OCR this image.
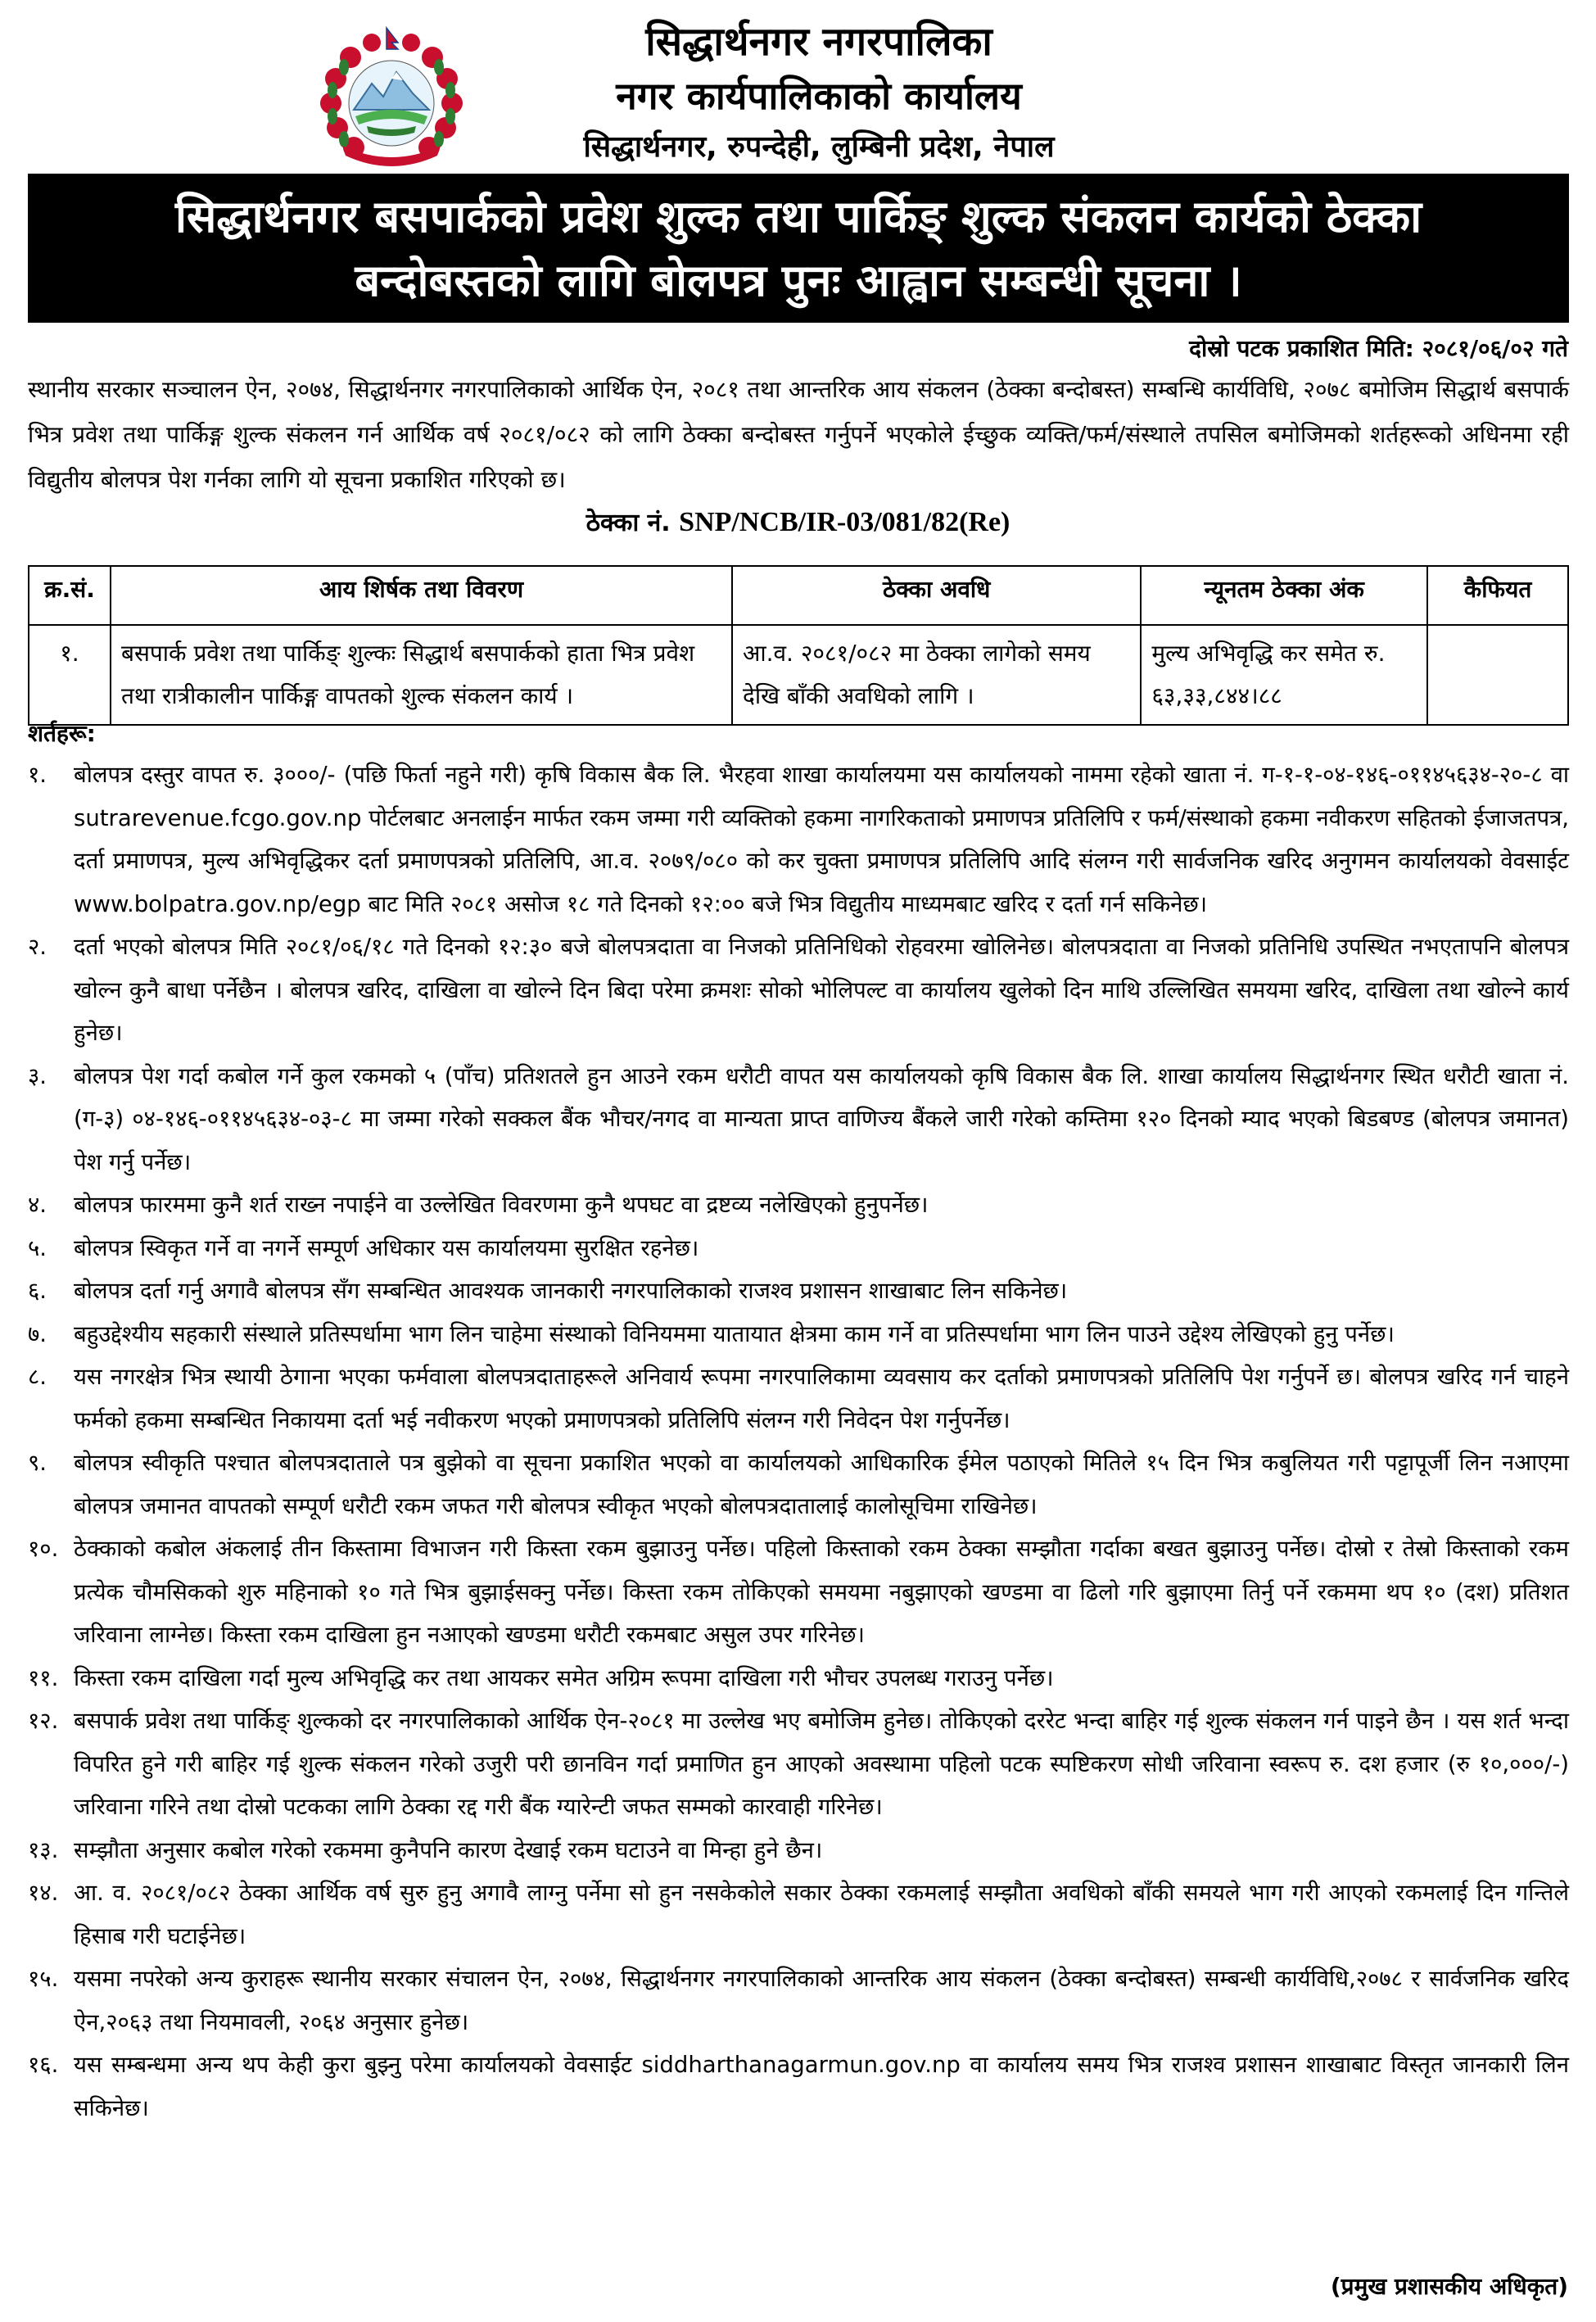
सिद्धार्थनगर नगरपालिका
नगर कार्यपालिकाको कार्यालय
सिद्धार्थनगर, रुपन्देही, लुम्बिनी प्रदेश, नेपाल
सिद्धार्थनगर बसपार्कको प्रवेश शुल्क तथा पार्किङ् शुल्क संकलन कार्यको ठेक्का
बन्दोबस्तको लागि बोलपत्र पुनः आह्वान सम्बन्धी सूचना ।
दोस्रो पटक प्रकाशित मिति: २०८१/०६/०२ गते
स्थानीय सरकार सञ्चालन ऐन, २०७४, सिद्धार्थनगर नगरपालिकाको आर्थिक ऐन, २०८१ तथा आन्तरिक आय संकलन (ठेक्का बन्दोबस्त) सम्बन्धि कार्यविधि, २०७८ बमोजिम सिद्धार्थ बसपार्क भित्र प्रवेश तथा पार्किङ्ग शुल्क संकलन गर्न आर्थिक वर्ष २०८१/०८२ को लागि ठेक्का बन्दोबस्त गर्नुपर्ने भएकोले ईच्छुक व्यक्ति/फर्म/संस्थाले तपसिल बमोजिमको शर्तहरूको अधिनमा रही विद्युतीय बोलपत्र पेश गर्नका लागि यो सूचना प्रकाशित गरिएको छ।
ठेक्का नं. SNP/NCB/IR-03/081/82(Re)
क्र.सं.	आय शिर्षक तथा विवरण	ठेक्का अवधि	न्यूनतम ठेक्का अंक	कैफियत
१.	बसपार्क प्रवेश तथा पार्किङ् शुल्कः सिद्धार्थ बसपार्कको हाता भित्र प्रवेश तथा रात्रीकालीन पार्किङ्ग वापतको शुल्क संकलन कार्य ।	आ.व. २०८१/०८२ मा ठेक्का लागेको समय देखि बाँकी अवधिको लागि ।	मुल्य अभिवृद्धि कर समेत रु. ६३,३३,८४४।८८	
शर्तहरू:
१. बोलपत्र दस्तुर वापत रु. ३०००/- (पछि फिर्ता नहुने गरी) कृषि विकास बैक लि. भैरहवा शाखा कार्यालयमा यस कार्यालयको नाममा रहेको खाता नं. ग-१-१-०४-१४६-०११४५६३४-२०-८ वा sutrarevenue.fcgo.gov.np पोर्टलबाट अनलाईन मार्फत रकम जम्मा गरी व्यक्तिको हकमा नागरिकताको प्रमाणपत्र प्रतिलिपि र फर्म/संस्थाको हकमा नवीकरण सहितको ईजाजतपत्र, दर्ता प्रमाणपत्र, मुल्य अभिवृद्धिकर दर्ता प्रमाणपत्रको प्रतिलिपि, आ.व. २०७९/०८० को कर चुक्ता प्रमाणपत्र प्रतिलिपि आदि संलग्न गरी सार्वजनिक खरिद अनुगमन कार्यालयको वेवसाईट www.bolpatra.gov.np/egp बाट मिति २०८१ असोज १८ गते दिनको १२:०० बजे भित्र विद्युतीय माध्यमबाट खरिद र दर्ता गर्न सकिनेछ।
२. दर्ता भएको बोलपत्र मिति २०८१/०६/१८ गते दिनको १२:३० बजे बोलपत्रदाता वा निजको प्रतिनिधिको रोहवरमा खोलिनेछ। बोलपत्रदाता वा निजको प्रतिनिधि उपस्थित नभएतापनि बोलपत्र खोल्न कुनै बाधा पर्नेछैन । बोलपत्र खरिद, दाखिला वा खोल्ने दिन बिदा परेमा क्रमशः सोको भोलिपल्ट वा कार्यालय खुलेको दिन माथि उल्लिखित समयमा खरिद, दाखिला तथा खोल्ने कार्य हुनेछ।
३. बोलपत्र पेश गर्दा कबोल गर्ने कुल रकमको ५ (पाँच) प्रतिशतले हुन आउने रकम धरौटी वापत यस कार्यालयको कृषि विकास बैक लि. शाखा कार्यालय सिद्धार्थनगर स्थित धरौटी खाता नं. (ग-३) ०४-१४६-०११४५६३४-०३-८ मा जम्मा गरेको सक्कल बैंक भौचर/नगद वा मान्यता प्राप्त वाणिज्य बैंकले जारी गरेको कम्तिमा १२० दिनको म्याद भएको बिडबण्ड (बोलपत्र जमानत) पेश गर्नु पर्नेछ।
४. बोलपत्र फारममा कुनै शर्त राख्न नपाईने वा उल्लेखित विवरणमा कुनै थपघट वा द्रष्टव्य नलेखिएको हुनुपर्नेछ।
५. बोलपत्र स्विकृत गर्ने वा नगर्ने सम्पूर्ण अधिकार यस कार्यालयमा सुरक्षित रहनेछ।
६. बोलपत्र दर्ता गर्नु अगावै बोलपत्र सँग सम्बन्धित आवश्यक जानकारी नगरपालिकाको राजश्व प्रशासन शाखाबाट लिन सकिनेछ।
७. बहुउद्देश्यीय सहकारी संस्थाले प्रतिस्पर्धामा भाग लिन चाहेमा संस्थाको विनियममा यातायात क्षेत्रमा काम गर्ने वा प्रतिस्पर्धामा भाग लिन पाउने उद्देश्य लेखिएको हुनु पर्नेछ।
८. यस नगरक्षेत्र भित्र स्थायी ठेगाना भएका फर्मवाला बोलपत्रदाताहरूले अनिवार्य रूपमा नगरपालिकामा व्यवसाय कर दर्ताको प्रमाणपत्रको प्रतिलिपि पेश गर्नुपर्ने छ। बोलपत्र खरिद गर्न चाहने फर्मको हकमा सम्बन्धित निकायमा दर्ता भई नवीकरण भएको प्रमाणपत्रको प्रतिलिपि संलग्न गरी निवेदन पेश गर्नुपर्नेछ।
९. बोलपत्र स्वीकृति पश्चात बोलपत्रदाताले पत्र बुझेको वा सूचना प्रकाशित भएको वा कार्यालयको आधिकारिक ईमेल पठाएको मितिले १५ दिन भित्र कबुलियत गरी पट्टापूर्जी लिन नआएमा बोलपत्र जमानत वापतको सम्पूर्ण धरौटी रकम जफत गरी बोलपत्र स्वीकृत भएको बोलपत्रदातालाई कालोसूचिमा राखिनेछ।
१०. ठेक्काको कबोल अंकलाई तीन किस्तामा विभाजन गरी किस्ता रकम बुझाउनु पर्नेछ। पहिलो किस्ताको रकम ठेक्का सम्झौता गर्दाका बखत बुझाउनु पर्नेछ। दोस्रो र तेस्रो किस्ताको रकम प्रत्येक चौमसिकको शुरु महिनाको १० गते भित्र बुझाईसक्नु पर्नेछ। किस्ता रकम तोकिएको समयमा नबुझाएको खण्डमा वा ढिलो गरि बुझाएमा तिर्नु पर्ने रकममा थप १० (दश) प्रतिशत जरिवाना लाग्नेछ। किस्ता रकम दाखिला हुन नआएको खण्डमा धरौटी रकमबाट असुल उपर गरिनेछ।
११. किस्ता रकम दाखिला गर्दा मुल्य अभिवृद्धि कर तथा आयकर समेत अग्रिम रूपमा दाखिला गरी भौचर उपलब्ध गराउनु पर्नेछ।
१२. बसपार्क प्रवेश तथा पार्किङ् शुल्कको दर नगरपालिकाको आर्थिक ऐन-२०८१ मा उल्लेख भए बमोजिम हुनेछ। तोकिएको दररेट भन्दा बाहिर गई शुल्क संकलन गर्न पाइने छैन । यस शर्त भन्दा विपरित हुने गरी बाहिर गई शुल्क संकलन गरेको उजुरी परी छानविन गर्दा प्रमाणित हुन आएको अवस्थामा पहिलो पटक स्पष्टिकरण सोधी जरिवाना स्वरूप रु. दश हजार (रु १०,०००/-) जरिवाना गरिने तथा दोस्रो पटकका लागि ठेक्का रद्द गरी बैंक ग्यारेन्टी जफत सम्मको कारवाही गरिनेछ।
१३. सम्झौता अनुसार कबोल गरेको रकममा कुनैपनि कारण देखाई रकम घटाउने वा मिन्हा हुने छैन।
१४. आ. व. २०८१/०८२ ठेक्का आर्थिक वर्ष सुरु हुनु अगावै लाग्नु पर्नेमा सो हुन नसकेकोले सकार ठेक्का रकमलाई सम्झौता अवधिको बाँकी समयले भाग गरी आएको रकमलाई दिन गन्तिले हिसाब गरी घटाईनेछ।
१५. यसमा नपरेको अन्य कुराहरू स्थानीय सरकार संचालन ऐन, २०७४, सिद्धार्थनगर नगरपालिकाको आन्तरिक आय संकलन (ठेक्का बन्दोबस्त) सम्बन्धी कार्यविधि,२०७८ र सार्वजनिक खरिद ऐन,२०६३ तथा नियमावली, २०६४ अनुसार हुनेछ।
१६. यस सम्बन्धमा अन्य थप केही कुरा बुझ्नु परेमा कार्यालयको वेवसाईट siddharthanagarmun.gov.np वा कार्यालय समय भित्र राजश्व प्रशासन शाखाबाट विस्तृत जानकारी लिन सकिनेछ।
(प्रमुख प्रशासकीय अधिकृत)
